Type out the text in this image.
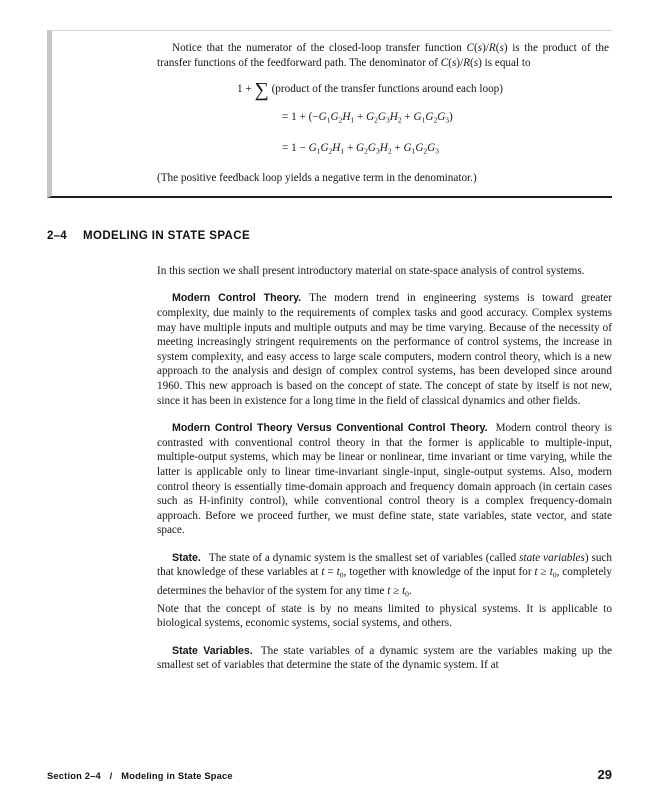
Notice that the numerator of the closed-loop transfer function C(s)/R(s) is the product of the transfer functions of the feedforward path. The denominator of C(s)/R(s) is equal to

1 + ∑ (product of the transfer functions around each loop)
= $1 + (-G_1G_2H_1 + G_2G_3H_2 + G_1G_2G_3)$
= $1 - G_1G_2H_1 + G_2G_3H_2 + G_1G_2G_3$

(The positive feedback loop yields a negative term in the denominator.)

2–4 MODELING IN STATE SPACE

In this section we shall present introductory material on state-space analysis of control systems.

Modern Control Theory. The modern trend in engineering systems is toward greater complexity, due mainly to the requirements of complex tasks and good accuracy. Complex systems may have multiple inputs and multiple outputs and may be time varying. Because of the necessity of meeting increasingly stringent requirements on the performance of control systems, the increase in system complexity, and easy access to large scale computers, modern control theory, which is a new approach to the analysis and design of complex control systems, has been developed since around 1960. This new approach is based on the concept of state. The concept of state by itself is not new, since it has been in existence for a long time in the field of classical dynamics and other fields.

Modern Control Theory Versus Conventional Control Theory. Modern control theory is contrasted with conventional control theory in that the former is applicable to multiple-input, multiple-output systems, which may be linear or nonlinear, time invariant or time varying, while the latter is applicable only to linear time-invariant single-input, single-output systems. Also, modern control theory is essentially time-domain approach and frequency domain approach (in certain cases such as H-infinity control), while conventional control theory is a complex frequency-domain approach. Before we proceed further, we must define state, state variables, state vector, and state space.

State. The state of a dynamic system is the smallest set of variables (called state variables) such that knowledge of these variables at $t = t_0$, together with knowledge of the input for $t \ge t_0$, completely determines the behavior of the system for any time $t \ge t_0$.

Note that the concept of state is by no means limited to physical systems. It is applicable to biological systems, economic systems, social systems, and others.

State Variables. The state variables of a dynamic system are the variables making up the smallest set of variables that determine the state of the dynamic system. If at

Section 2–4 / Modeling in State Space	29
